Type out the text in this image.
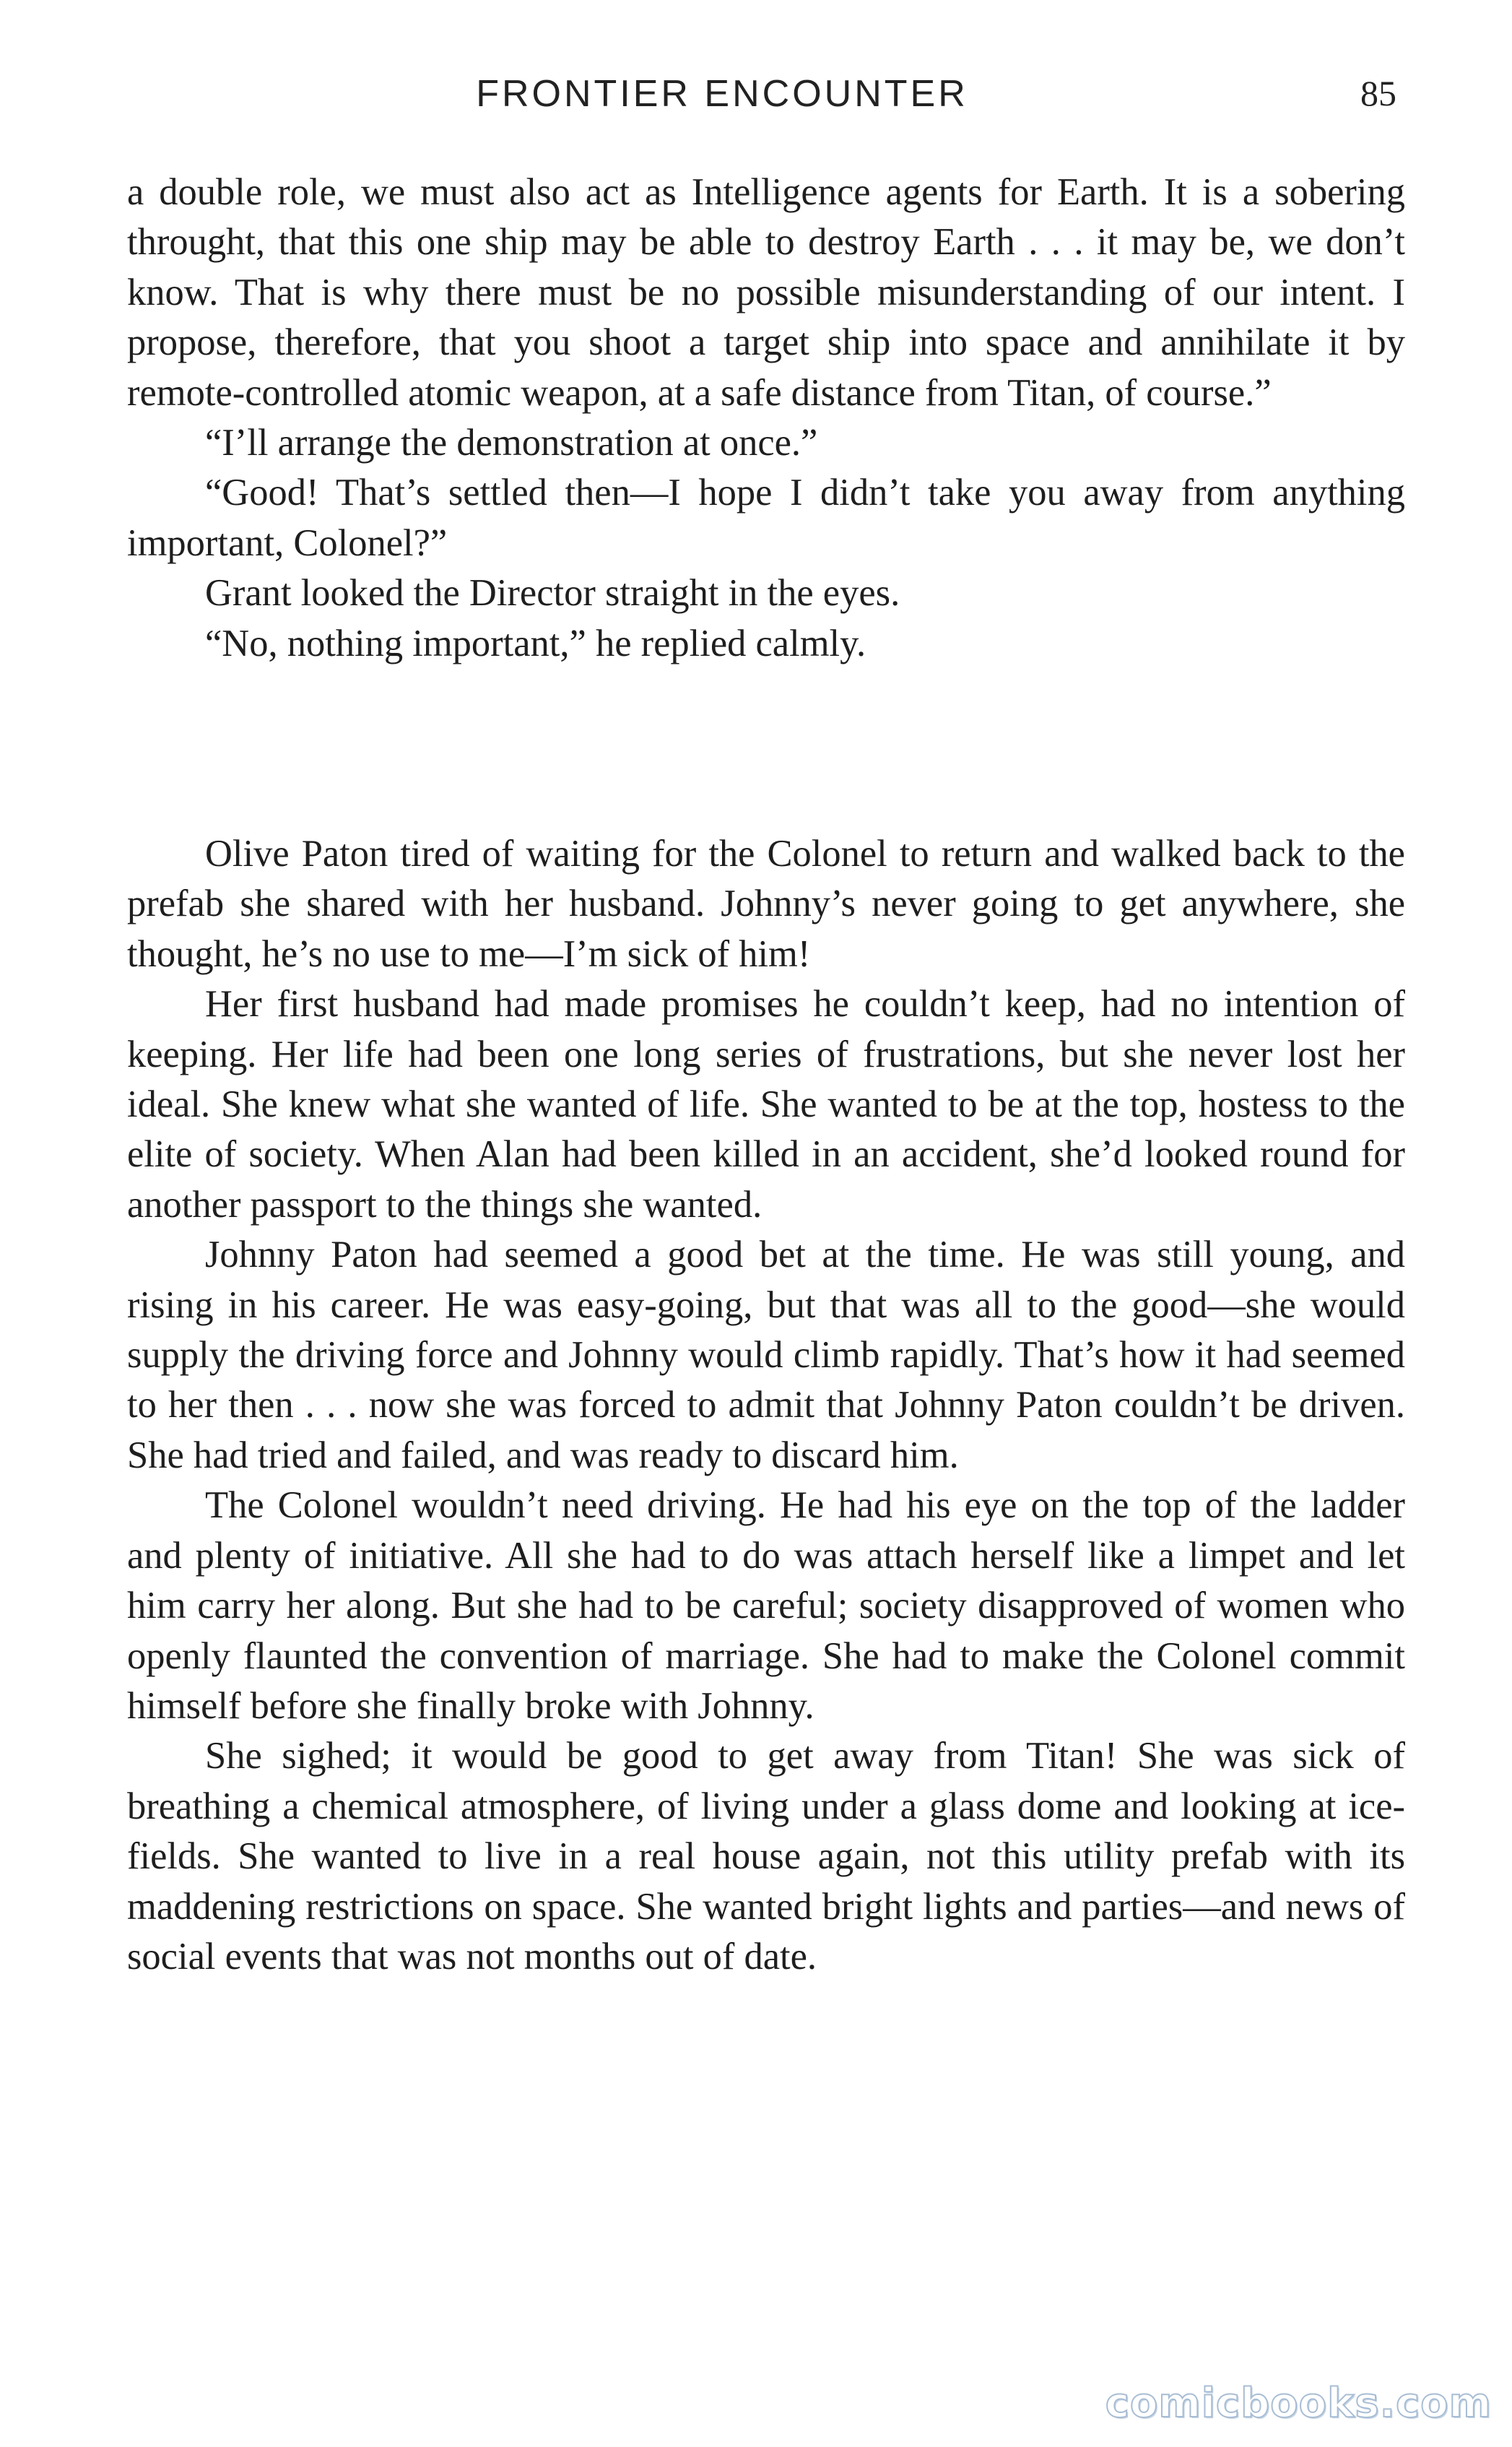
FRONTIER ENCOUNTER	85

a double role, we must also act as Intelligence agents for Earth. It is a sobering throught, that this one ship may be able to destroy Earth . . . it may be, we don’t know. That is why there must be no possible misunderstanding of our intent. I propose, therefore, that you shoot a target ship into space and annihilate it by remote-controlled atomic weapon, at a safe distance from Titan, of course.”

“I’ll arrange the demonstration at once.”

“Good! That’s settled then—I hope I didn’t take you away from anything important, Colonel?”

Grant looked the Director straight in the eyes.

“No, nothing important,” he replied calmly.

Olive Paton tired of waiting for the Colonel to return and walked back to the prefab she shared with her husband. Johnny’s never going to get anywhere, she thought, he’s no use to me—I’m sick of him!

Her first husband had made promises he couldn’t keep, had no intention of keeping. Her life had been one long series of frustrations, but she never lost her ideal. She knew what she wanted of life. She wanted to be at the top, hostess to the elite of society. When Alan had been killed in an accident, she’d looked round for another passport to the things she wanted.

Johnny Paton had seemed a good bet at the time. He was still young, and rising in his career. He was easy-going, but that was all to the good—she would supply the driving force and Johnny would climb rapidly. That’s how it had seemed to her then . . . now she was forced to admit that Johnny Paton couldn’t be driven. She had tried and failed, and was ready to discard him.

The Colonel wouldn’t need driving. He had his eye on the top of the ladder and plenty of initiative. All she had to do was attach herself like a limpet and let him carry her along. But she had to be careful; society disapproved of women who openly flaunted the convention of marriage. She had to make the Colonel commit himself before she finally broke with Johnny.

She sighed; it would be good to get away from Titan! She was sick of breathing a chemical atmosphere, of living under a glass dome and looking at ice-fields. She wanted to live in a real house again, not this utility prefab with its maddening restrictions on space. She wanted bright lights and parties—and news of social events that was not months out of date.

comicbooks.com
